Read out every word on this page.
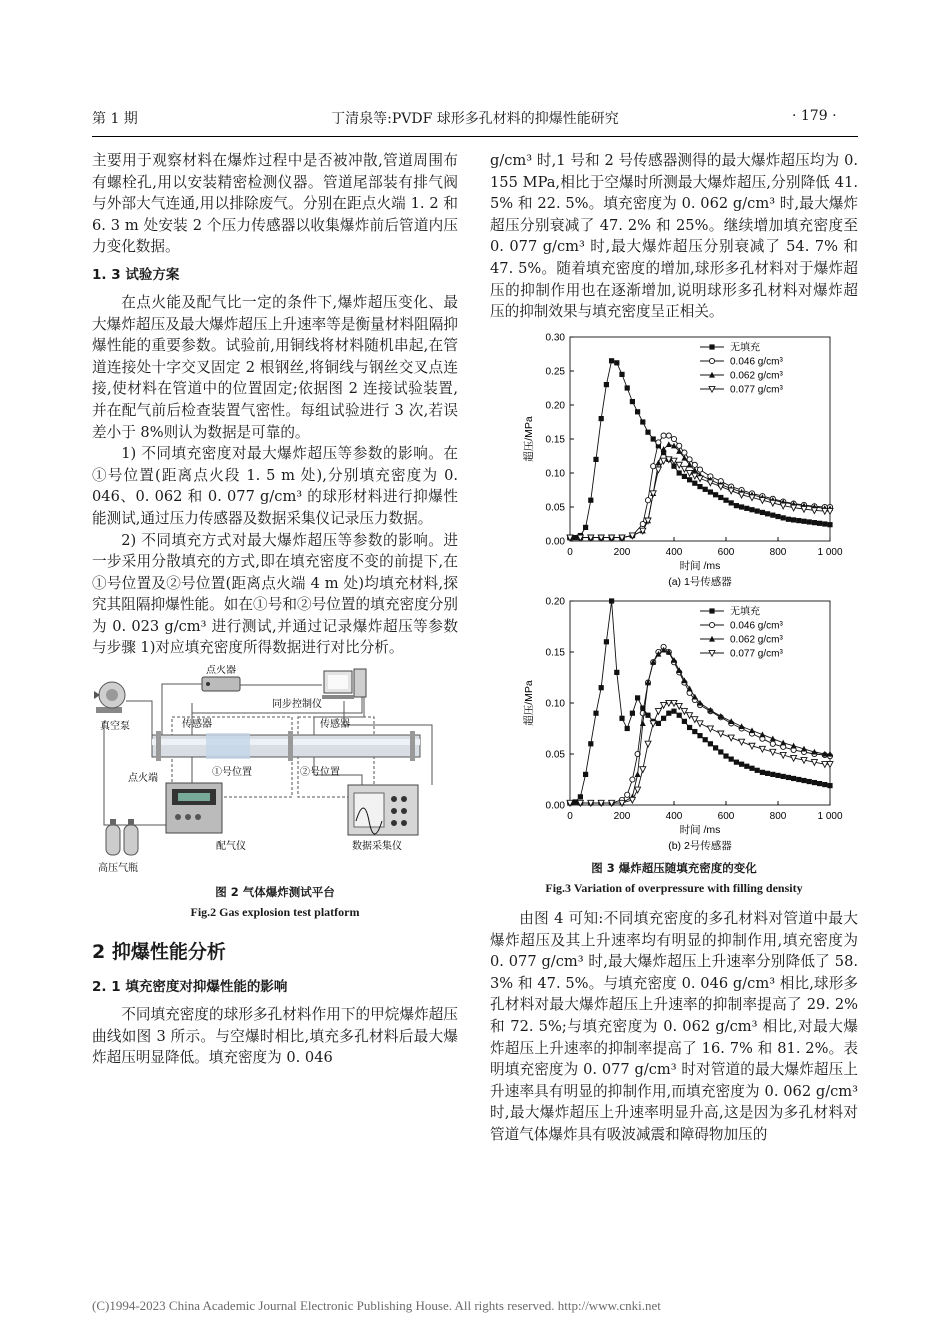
第 1 期	丁清泉等:PVDF 球形多孔材料的抑爆性能研究	· 179 ·

主要用于观察材料在爆炸过程中是否被冲散,管道周围布有螺栓孔,用以安装精密检测仪器。管道尾部装有排气阀与外部大气连通,用以排除废气。分别在距点火端 1. 2 和 6. 3 m 处安装 2 个压力传感器以收集爆炸前后管道内压力变化数据。

1. 3 试验方案

在点火能及配气比一定的条件下,爆炸超压变化、最大爆炸超压及最大爆炸超压上升速率等是衡量材料阻隔抑爆性能的重要参数。试验前,用铜线将材料随机串起,在管道连接处十字交叉固定 2 根钢丝,将铜线与钢丝交叉点连接,使材料在管道中的位置固定;依据图 2 连接试验装置,并在配气前后检查装置气密性。每组试验进行 3 次,若误差小于 8%则认为数据是可靠的。

1) 不同填充密度对最大爆炸超压等参数的影响。在①号位置(距离点火段 1. 5 m 处),分别填充密度为 0. 046、0. 062 和 0. 077 g/cm³ 的球形材料进行抑爆性能测试,通过压力传感器及数据采集仪记录压力数据。

2) 不同填充方式对最大爆炸超压等参数的影响。进一步采用分散填充的方式,即在填充密度不变的前提下,在①号位置及②号位置(距离点火端 4 m 处)均填充材料,探究其阻隔抑爆性能。如在①号和②号位置的填充密度分别为 0. 023 g/cm³ 进行测试,并通过记录爆炸超压等参数与步骤 1)对应填充密度所得数据进行对比分析。

真空泵
点火器
同步控制仪
传感器	传感器
①号位置	②号位置
点火端
配气仪
高压气瓶
数据采集仪
图 2 气体爆炸测试平台
Fig.2 Gas explosion test platform

2 抑爆性能分析

2. 1 填充密度对抑爆性能的影响

不同填充密度的球形多孔材料作用下的甲烷爆炸超压曲线如图 3 所示。与空爆时相比,填充多孔材料后最大爆炸超压明显降低。填充密度为 0. 046

g/cm³ 时,1 号和 2 号传感器测得的最大爆炸超压均为 0. 155 MPa,相比于空爆时所测最大爆炸超压,分别降低 41. 5% 和 22. 5%。填充密度为 0. 062 g/cm³ 时,最大爆炸超压分别衰减了 47. 2% 和 25%。继续增加填充密度至 0. 077 g/cm³ 时,最大爆炸超压分别衰减了 54. 7% 和 47. 5%。随着填充密度的增加,球形多孔材料对于爆炸超压的抑制作用也在逐渐增加,说明球形多孔材料对爆炸超压的抑制效果与填充密度呈正相关。

0	200	400	600	800	1 000
0.00
0.05
0.10
0.15
0.20
0.25
0.30
时间 /ms
超压/MPa
(a) 1号传感器
无填充
0.046 g/cm³
0.062 g/cm³
0.077 g/cm³

0	200	400	600	800	1 000
0.00
0.05
0.10
0.15
0.20
时间 /ms
超压/MPa
(b) 2号传感器
无填充
0.046 g/cm³
0.062 g/cm³
0.077 g/cm³
图 3 爆炸超压随填充密度的变化
Fig.3 Variation of overpressure with filling density

由图 4 可知:不同填充密度的多孔材料对管道中最大爆炸超压及其上升速率均有明显的抑制作用,填充密度为 0. 077 g/cm³ 时,最大爆炸超压上升速率分别降低了 58. 3% 和 47. 5%。与填充密度 0. 046 g/cm³ 相比,球形多孔材料对最大爆炸超压上升速率的抑制率提高了 29. 2% 和 72. 5%;与填充密度为 0. 062 g/cm³ 相比,对最大爆炸超压上升速率的抑制率提高了 16. 7% 和 81. 2%。表明填充密度为 0. 077 g/cm³ 时对管道的最大爆炸超压上升速率具有明显的抑制作用,而填充密度为 0. 062 g/cm³ 时,最大爆炸超压上升速率明显升高,这是因为多孔材料对管道气体爆炸具有吸波减震和障碍物加压的

(C)1994-2023 China Academic Journal Electronic Publishing House. All rights reserved. http://www.cnki.net
